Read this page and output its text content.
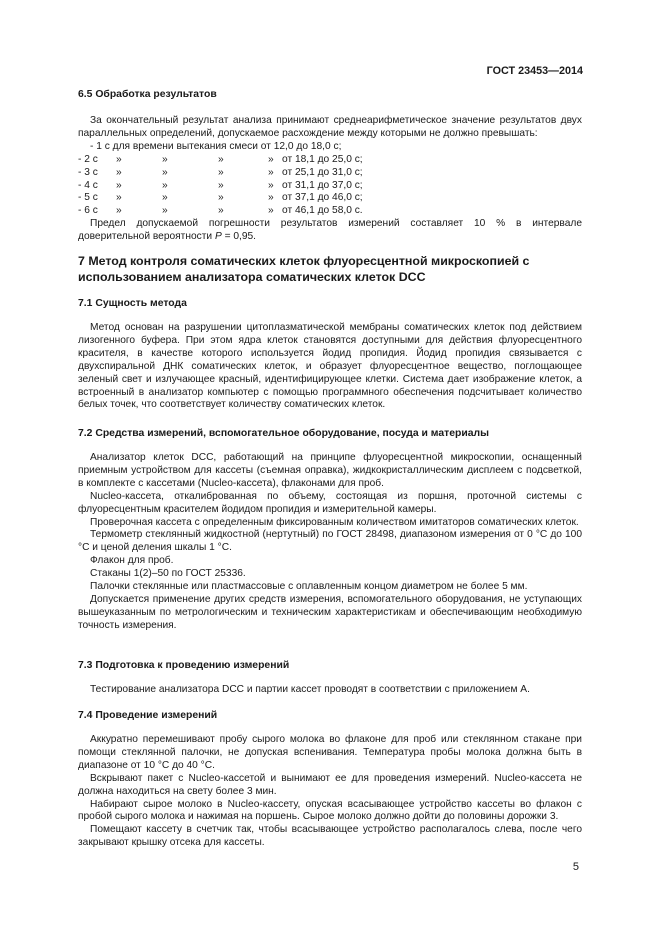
ГОСТ 23453—2014
6.5 Обработка результатов

За окончательный результат анализа принимают среднеарифметическое значение результатов двух параллельных определений, допускаемое расхождение между которыми не должно превышать:

- 1 с для времени вытекания смеси от 12,0 до 18,0 с;

- 2 с	»	»	»	» от 18,1 до 25,0 с;
- 3 с	»	»	»	» от 25,1 до 31,0 с;
- 4 с	»	»	»	» от 31,1 до 37,0 с;
- 5 с	»	»	»	» от 37,1 до 46,0 с;
- 6 с	»	»	»	» от 46,1 до 58,0 с.

Предел допускаемой погрешности результатов измерений составляет 10 % в интервале доверительной вероятности P = 0,95.

7 Метод контроля соматических клеток флуоресцентной микроскопией с использованием анализатора соматических клеток DCC
7.1 Сущность метода

Метод основан на разрушении цитоплазматической мембраны соматических клеток под действием лизогенного буфера. При этом ядра клеток становятся доступными для действия флуоресцентного красителя, в качестве которого используется йодид пропидия. Йодид пропидия связывается с двухспиральной ДНК соматических клеток, и образует флуоресцентное вещество, поглощающее зеленый свет и излучающее красный, идентифицирующее клетки. Система дает изображение клеток, а встроенный в анализатор компьютер с помощью программного обеспечения подсчитывает количество белых точек, что соответствует количеству соматических клеток.

7.2 Средства измерений, вспомогательное оборудование, посуда и материалы

Анализатор клеток DCC, работающий на принципе флуоресцентной микроскопии, оснащенный приемным устройством для кассеты (съемная оправка), жидкокристаллическим дисплеем с подсветкой, в комплекте с кассетами (Nucleo-кассета), флаконами для проб.

Nucleo-кассета, откалиброванная по объему, состоящая из поршня, проточной системы с флуоресцентным красителем йодидом пропидия и измерительной камеры.

Проверочная кассета с определенным фиксированным количеством имитаторов соматических клеток.

Термометр стеклянный жидкостной (нертутный) по ГОСТ 28498, диапазоном измерения от 0 °С до 100 °С и ценой деления шкалы 1 °С.

Флакон для проб.

Стаканы 1(2)–50 по ГОСТ 25336.

Палочки стеклянные или пластмассовые с оплавленным концом диаметром не более 5 мм.

Допускается применение других средств измерения, вспомогательного оборудования, не уступающих вышеуказанным по метрологическим и техническим характеристикам и обеспечивающим необходимую точность измерения.

7.3 Подготовка к проведению измерений

Тестирование анализатора DCC и партии кассет проводят в соответствии с приложением А.

7.4 Проведение измерений

Аккуратно перемешивают пробу сырого молока во флаконе для проб или стеклянном стакане при помощи стеклянной палочки, не допуская вспенивания. Температура пробы молока должна быть в диапазоне от 10 °С до 40 °С.

Вскрывают пакет с Nucleo-кассетой и вынимают ее для проведения измерений. Nucleo-кассета не должна находиться на свету более 3 мин.

Набирают сырое молоко в Nucleo-кассету, опуская всасывающее устройство кассеты во флакон с пробой сырого молока и нажимая на поршень. Сырое молоко должно дойти до половины дорожки 3.

Помещают кассету в счетчик так, чтобы всасывающее устройство располагалось слева, после чего закрывают крышку отсека для кассеты.

5
